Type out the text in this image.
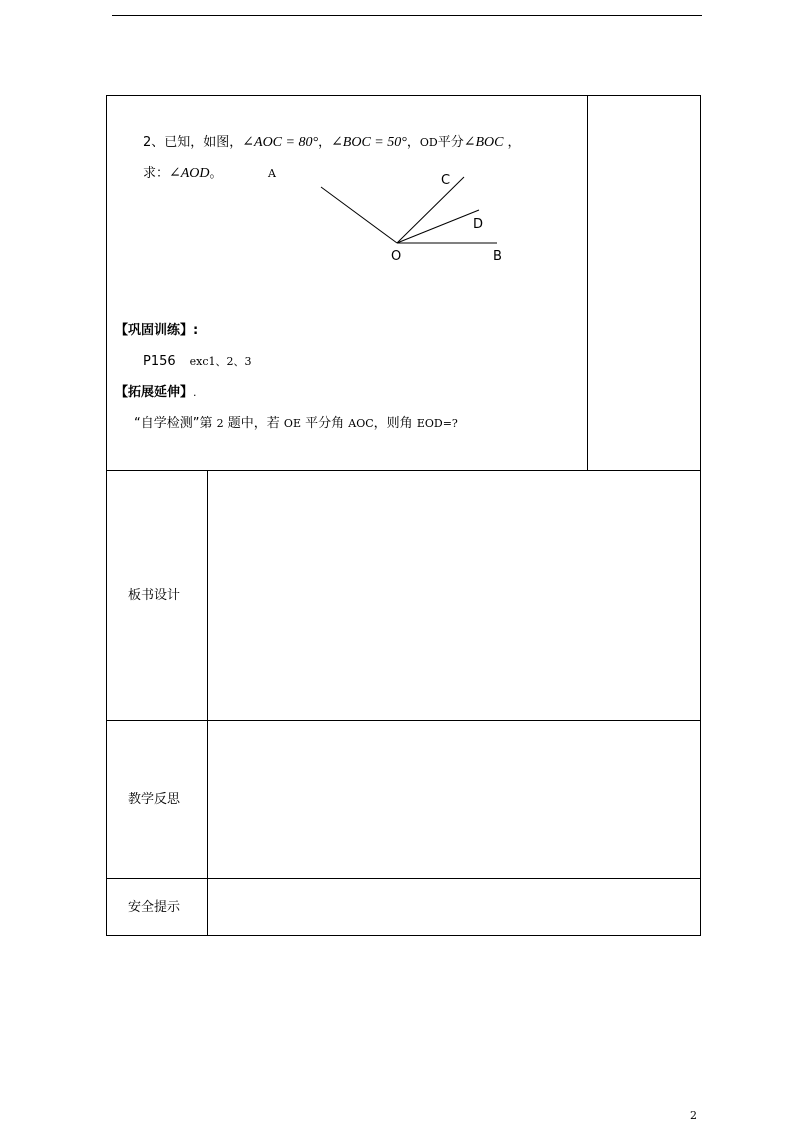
2、已知，如图，∠AOC = 80°，∠BOC = 50°，OD平分∠BOC ，
求：∠AOD。	A	C
D
O	B
【巩固训练】:
P156 exc1、2、3
【拓展延伸】.
“自学检测”第 2 题中，若 OE 平分角 AOC，则角 EOD=?
板书设计
教学反思
安全提示
2
